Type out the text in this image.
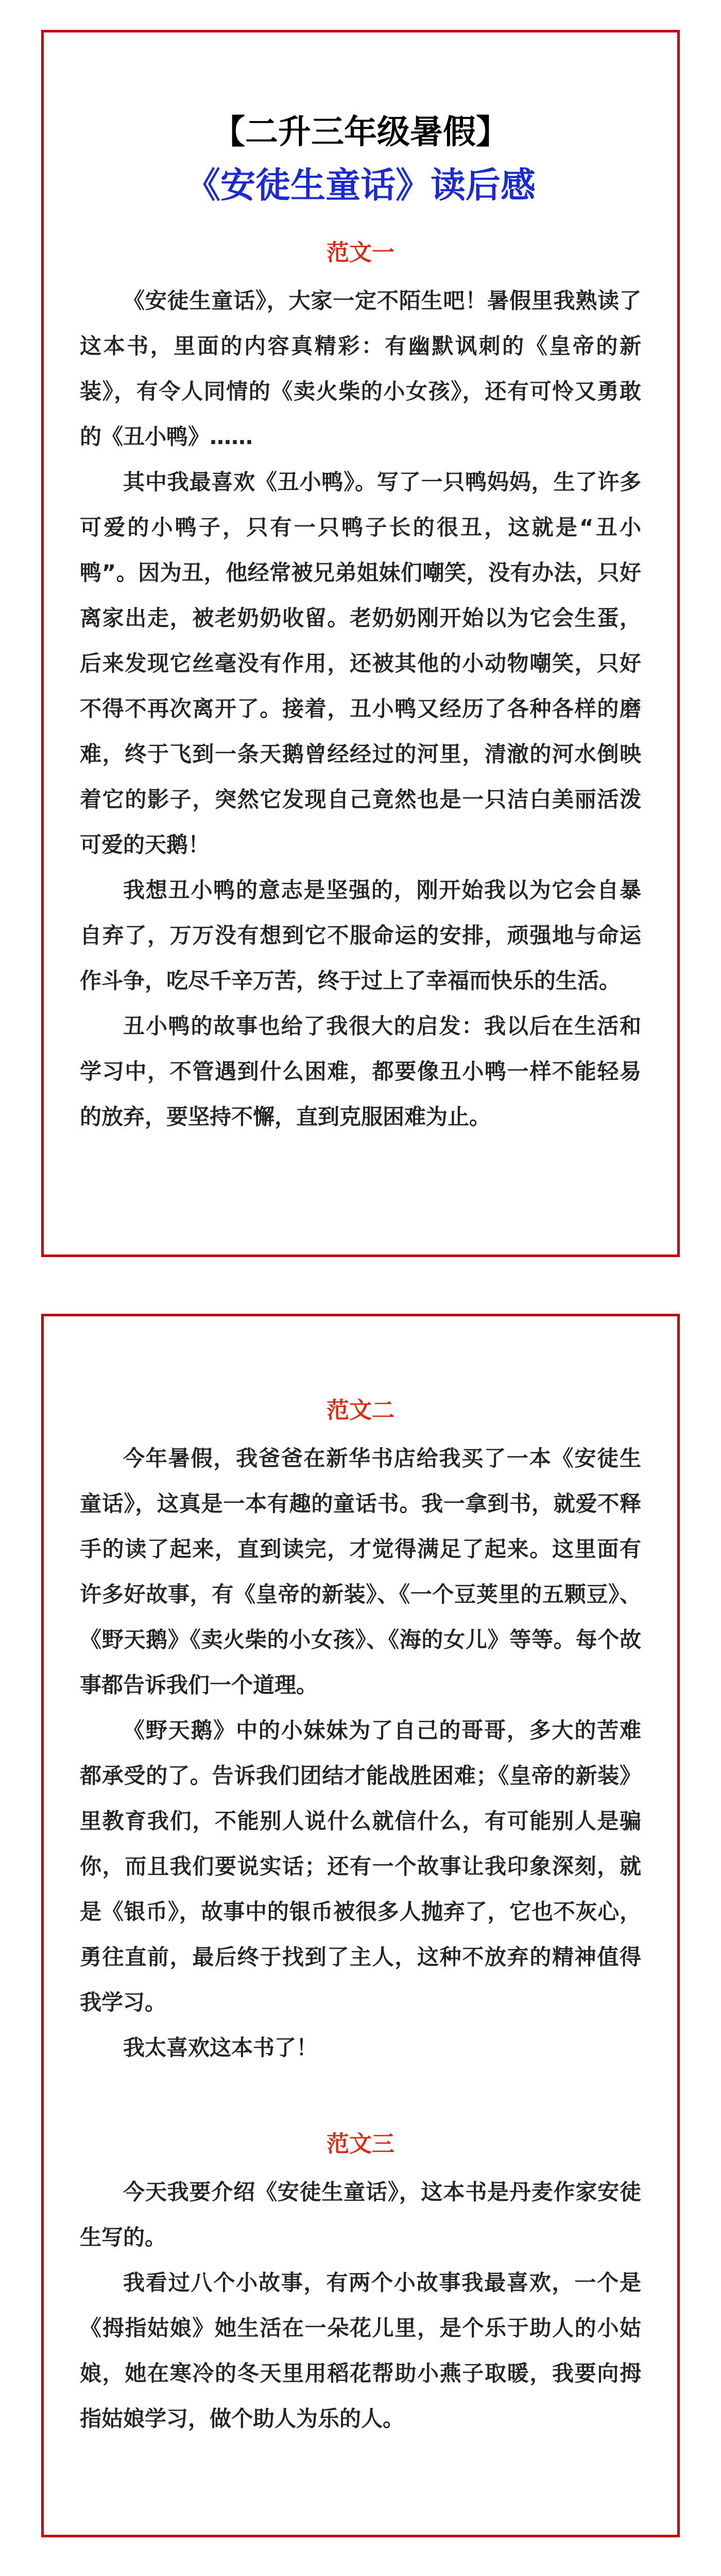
【二升三年级暑假】
《安徒生童话》读后感
范文一

《安徒生童话》，大家一定不陌生吧！暑假里我熟读了这本书，里面的内容真精彩：有幽默讽刺的《皇帝的新装》，有令人同情的《卖火柴的小女孩》，还有可怜又勇敢的《丑小鸭》……

其中我最喜欢《丑小鸭》。写了一只鸭妈妈，生了许多可爱的小鸭子，只有一只鸭子长的很丑，这就是“丑小鸭”。因为丑，他经常被兄弟姐妹们嘲笑，没有办法，只好离家出走，被老奶奶收留。老奶奶刚开始以为它会生蛋，后来发现它丝毫没有作用，还被其他的小动物嘲笑，只好不得不再次离开了。接着，丑小鸭又经历了各种各样的磨难，终于飞到一条天鹅曾经经过的河里，清澈的河水倒映着它的影子，突然它发现自己竟然也是一只洁白美丽活泼可爱的天鹅！

我想丑小鸭的意志是坚强的，刚开始我以为它会自暴自弃了，万万没有想到它不服命运的安排，顽强地与命运作斗争，吃尽千辛万苦，终于过上了幸福而快乐的生活。

丑小鸭的故事也给了我很大的启发：我以后在生活和学习中，不管遇到什么困难，都要像丑小鸭一样不能轻易的放弃，要坚持不懈，直到克服困难为止。

范文二

今年暑假，我爸爸在新华书店给我买了一本《安徒生童话》，这真是一本有趣的童话书。我一拿到书，就爱不释手的读了起来，直到读完，才觉得满足了起来。这里面有许多好故事，有《皇帝的新装》、《一个豆荚里的五颗豆》、《野天鹅》《卖火柴的小女孩》、《海的女儿》等等。每个故事都告诉我们一个道理。

《野天鹅》中的小妹妹为了自己的哥哥，多大的苦难都承受的了。告诉我们团结才能战胜困难；《皇帝的新装》里教育我们，不能别人说什么就信什么，有可能别人是骗你，而且我们要说实话；还有一个故事让我印象深刻，就是《银币》，故事中的银币被很多人抛弃了，它也不灰心，勇往直前，最后终于找到了主人，这种不放弃的精神值得我学习。

我太喜欢这本书了！

范文三

今天我要介绍《安徒生童话》，这本书是丹麦作家安徒生写的。

我看过八个小故事，有两个小故事我最喜欢，一个是《拇指姑娘》她生活在一朵花儿里，是个乐于助人的小姑娘，她在寒冷的冬天里用稻花帮助小燕子取暖，我要向拇指姑娘学习，做个助人为乐的人。
